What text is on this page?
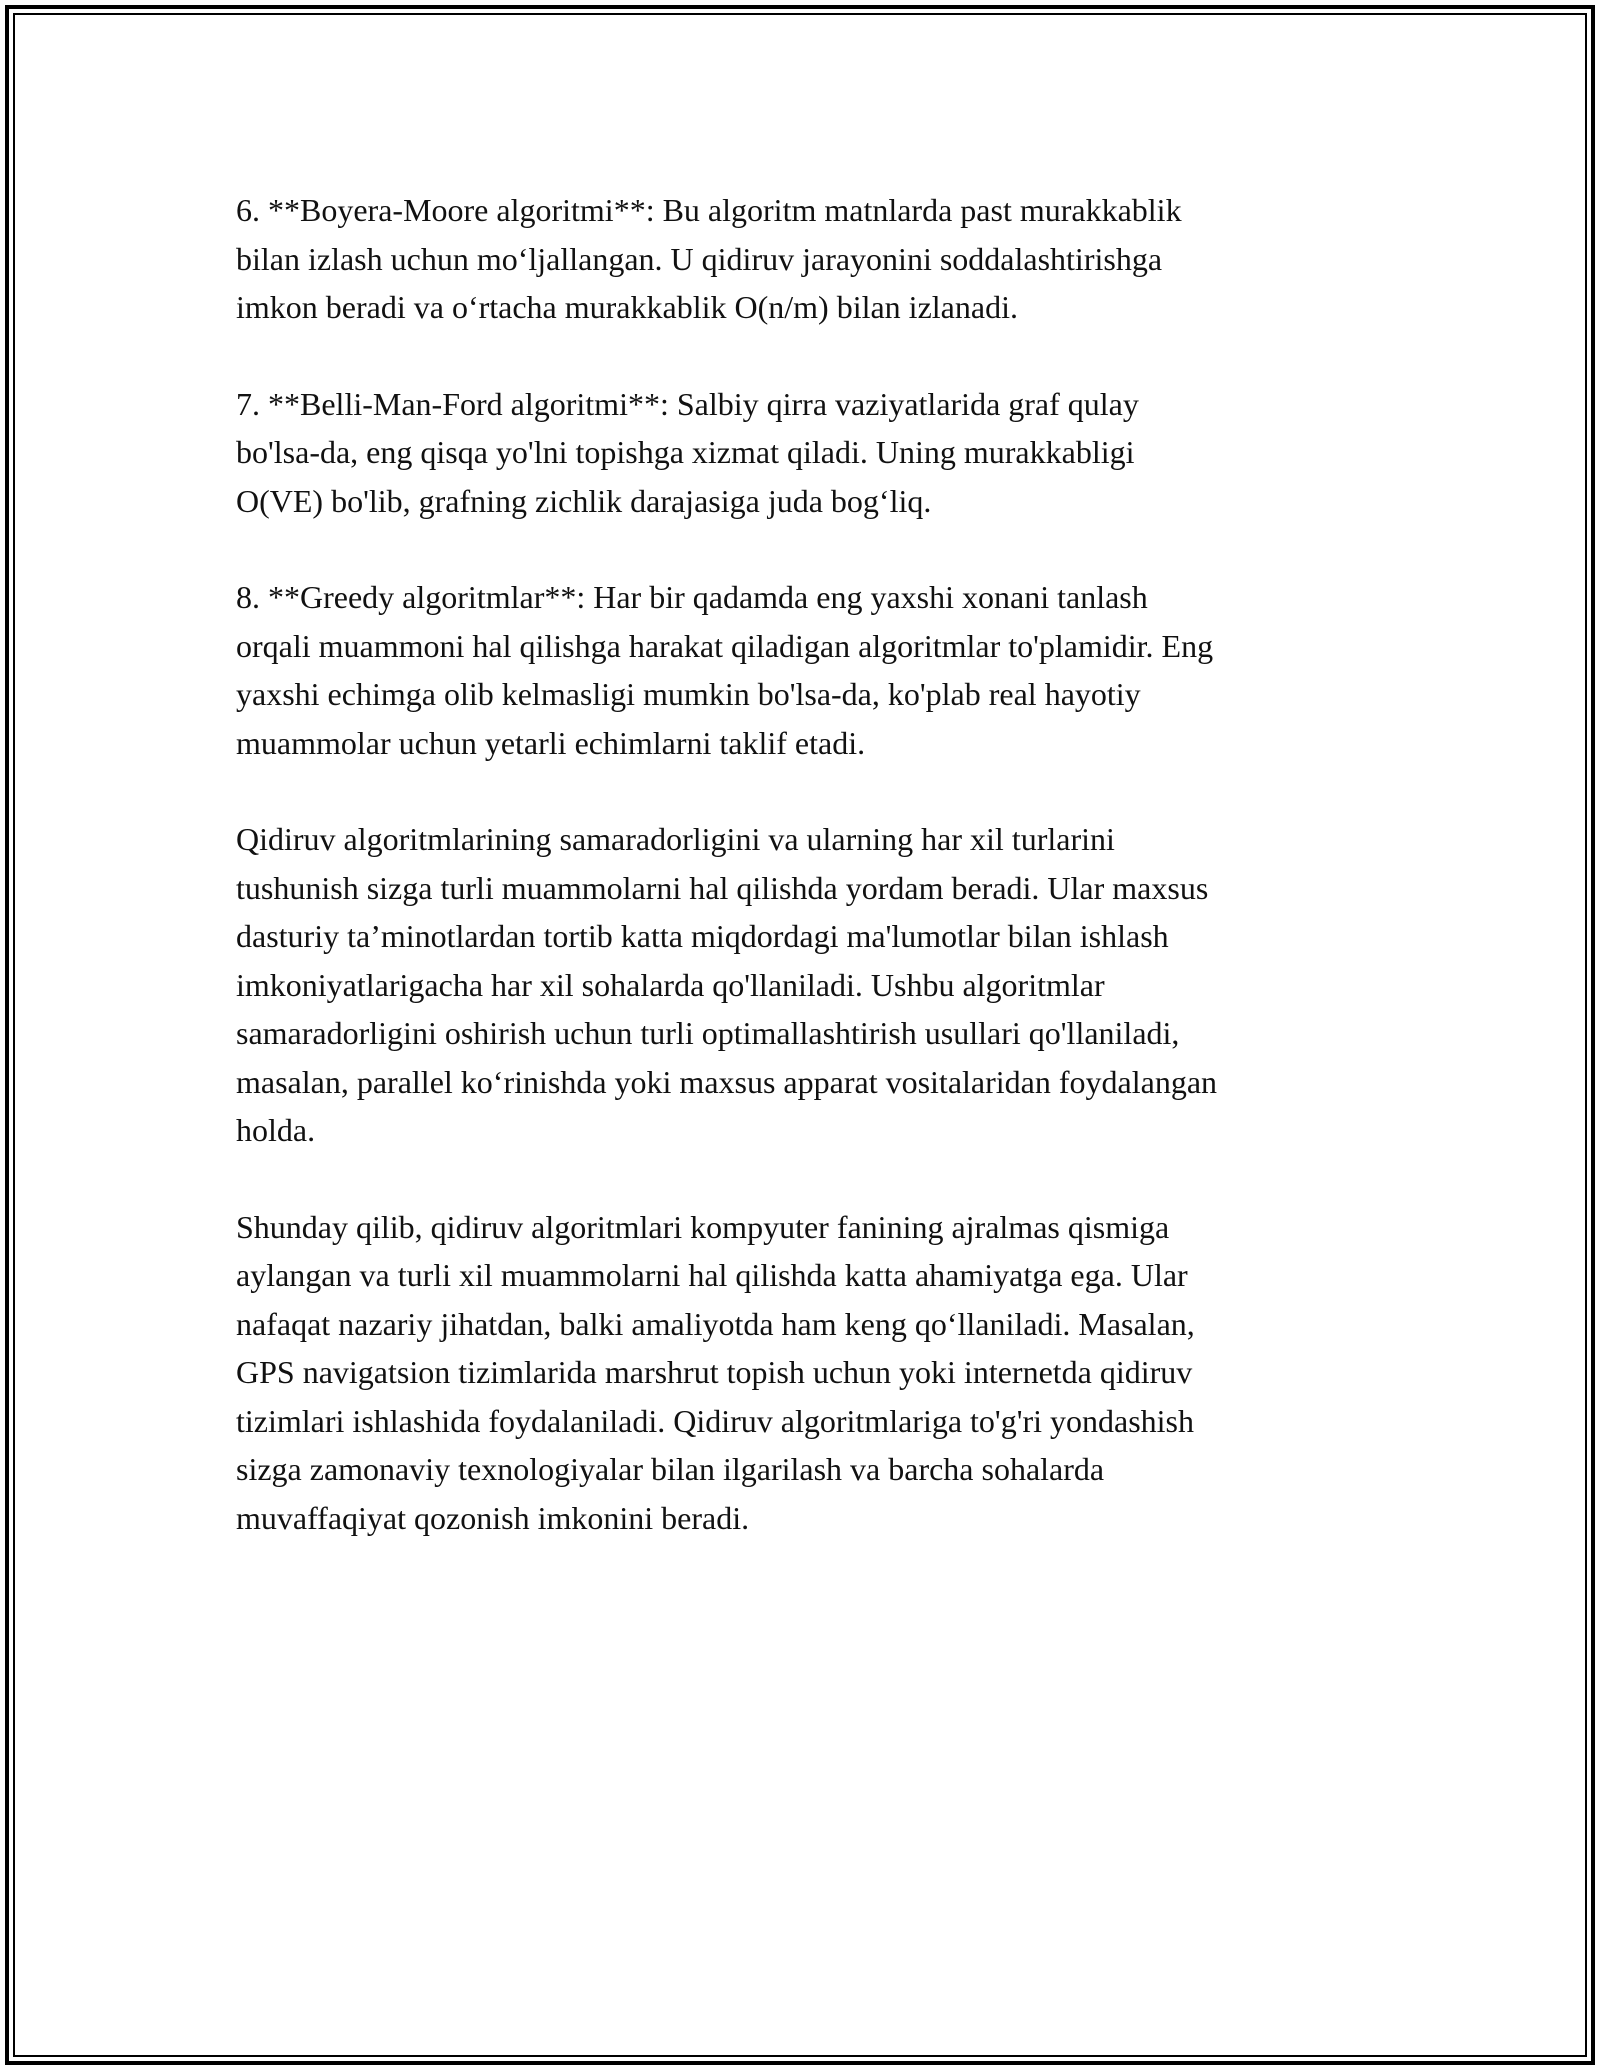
6. **Boyera-Moore algoritmi**: Bu algoritm matnlarda past murakkablik
bilan izlash uchun mo‘ljallangan. U qidiruv jarayonini soddalashtirishga
imkon beradi va o‘rtacha murakkablik O(n/m) bilan izlanadi.

7. **Belli-Man-Ford algoritmi**: Salbiy qirra vaziyatlarida graf qulay
bo'lsa-da, eng qisqa yo'lni topishga xizmat qiladi. Uning murakkabligi
O(VE) bo'lib, grafning zichlik darajasiga juda bog‘liq.

8. **Greedy algoritmlar**: Har bir qadamda eng yaxshi xonani tanlash
orqali muammoni hal qilishga harakat qiladigan algoritmlar to'plamidir. Eng
yaxshi echimga olib kelmasligi mumkin bo'lsa-da, ko'plab real hayotiy
muammolar uchun yetarli echimlarni taklif etadi.

Qidiruv algoritmlarining samaradorligini va ularning har xil turlarini
tushunish sizga turli muammolarni hal qilishda yordam beradi. Ular maxsus
dasturiy ta’minotlardan tortib katta miqdordagi ma'lumotlar bilan ishlash
imkoniyatlarigacha har xil sohalarda qo'llaniladi. Ushbu algoritmlar
samaradorligini oshirish uchun turli optimallashtirish usullari qo'llaniladi,
masalan, parallel ko‘rinishda yoki maxsus apparat vositalaridan foydalangan
holda.

Shunday qilib, qidiruv algoritmlari kompyuter fanining ajralmas qismiga
aylangan va turli xil muammolarni hal qilishda katta ahamiyatga ega. Ular
nafaqat nazariy jihatdan, balki amaliyotda ham keng qo‘llaniladi. Masalan,
GPS navigatsion tizimlarida marshrut topish uchun yoki internetda qidiruv
tizimlari ishlashida foydalaniladi. Qidiruv algoritmlariga to'g'ri yondashish
sizga zamonaviy texnologiyalar bilan ilgarilash va barcha sohalarda
muvaffaqiyat qozonish imkonini beradi.
